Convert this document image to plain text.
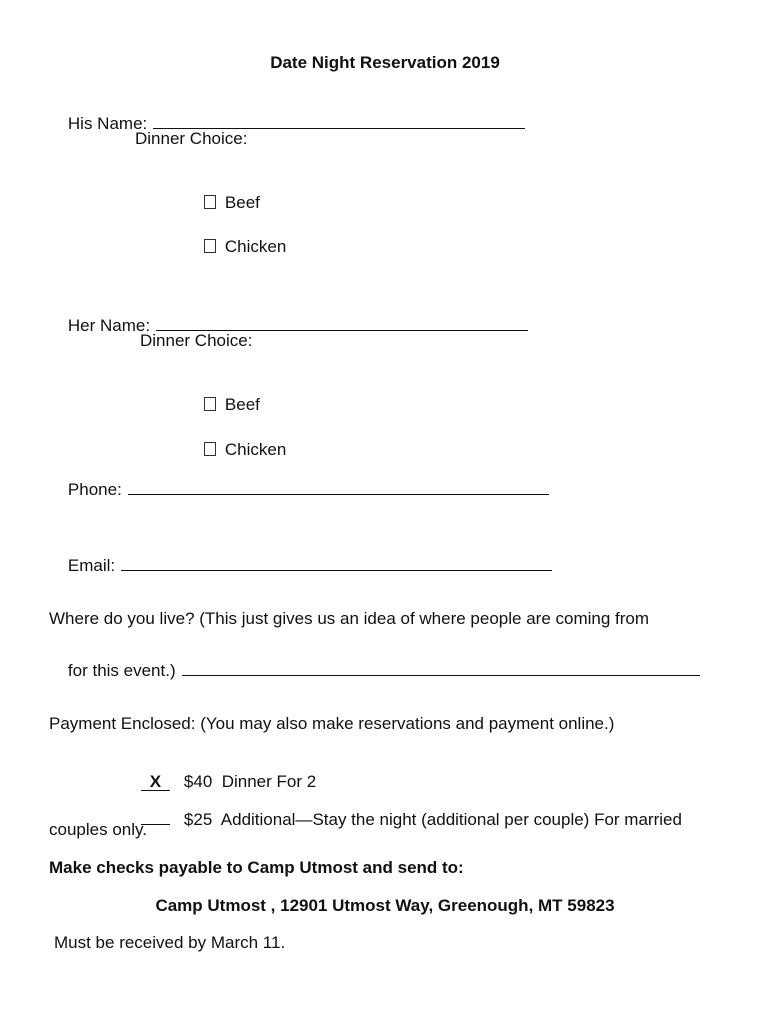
Date Night Reservation 2019

His Name:

Dinner Choice:

Beef

Chicken

Her Name:

Dinner Choice:

Beef

Chicken

Phone:

Email:

Where do you live? (This just gives us an idea of where people are coming from

for this event.)

Payment Enclosed: (You may also make reservations and payment online.)

X $40  Dinner For 2

$25  Additional—Stay the night (additional per couple) For married

couples only.
Make checks payable to Camp Utmost and send to:
Camp Utmost , 12901 Utmost Way, Greenough, MT 59823
Must be received by March 11.
